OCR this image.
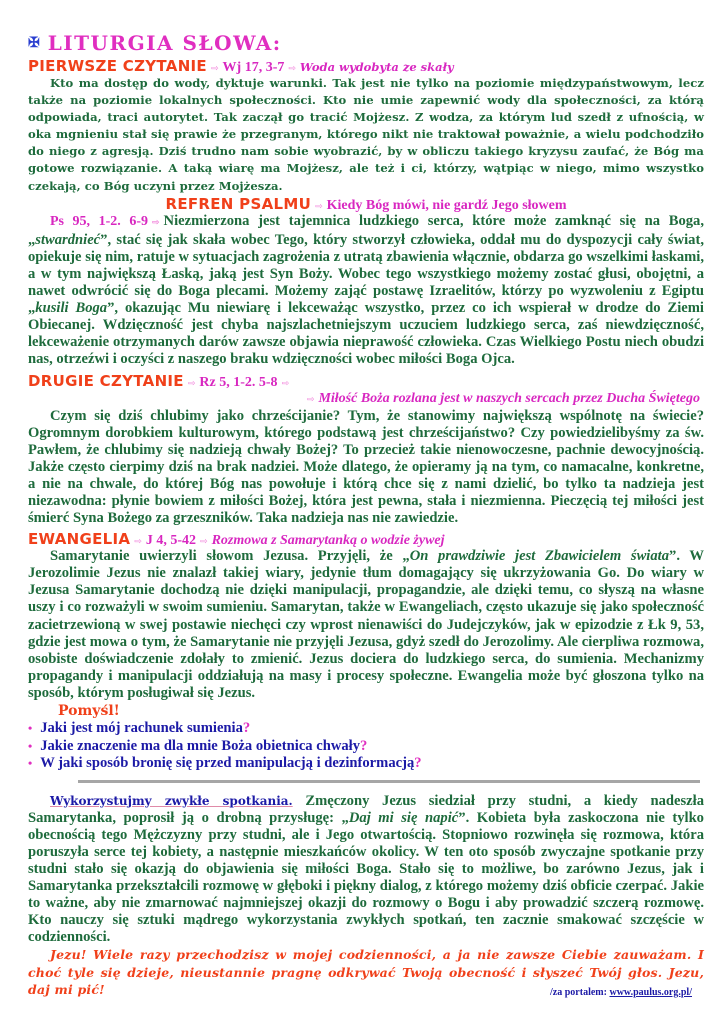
✠ LITURGIA SŁOWA:
PIERWSZE CZYTANIE ⇨ Wj 17, 3-7 ⇨ Woda wydobyta ze skały

Kto ma dostęp do wody, dyktuje warunki. Tak jest nie tylko na poziomie międzypaństwowym, lecz także na poziomie lokalnych społeczności. Kto nie umie zapewnić wody dla społeczności, za którą odpowiada, traci autorytet. Tak zaczął go tracić Mojżesz. Z wodza, za którym lud szedł z ufnością, w oka mgnieniu stał się prawie że przegranym, którego nikt nie traktował poważnie, a wielu podchodziło do niego z agresją. Dziś trudno nam sobie wyobrazić, by w obliczu takiego kryzysu zaufać, że Bóg ma gotowe rozwiązanie. A taką wiarę ma Mojżesz, ale też i ci, którzy, wątpiąc w niego, mimo wszystko czekają, co Bóg uczyni przez Mojżesza.

REFREN PSALMU ⇨ Kiedy Bóg mówi, nie gardź Jego słowem

Ps 95, 1-2. 6-9 ⇨ Niezmierzona jest tajemnica ludzkiego serca, które może zamknąć się na Boga, „stwardnieć”, stać się jak skała wobec Tego, który stworzył człowieka, oddał mu do dyspozycji cały świat, opiekuje się nim, ratuje w sytuacjach zagrożenia z utratą zbawienia włącznie, obdarza go wszelkimi łaskami, a w tym największą Łaską, jaką jest Syn Boży. Wobec tego wszystkiego możemy zostać głusi, obojętni, a nawet odwrócić się do Boga plecami. Możemy zająć postawę Izraelitów, którzy po wyzwoleniu z Egiptu „kusili Boga”, okazując Mu niewiarę i lekceważąc wszystko, przez co ich wspierał w drodze do Ziemi Obiecanej. Wdzięczność jest chyba najszlachetniejszym uczuciem ludzkiego serca, zaś niewdzięczność, lekceważenie otrzymanych darów zawsze objawia nieprawość człowieka. Czas Wielkiego Postu niech obudzi nas, otrzeźwi i oczyści z naszego braku wdzięczności wobec miłości Boga Ojca.

DRUGIE CZYTANIE ⇨ Rz 5, 1-2. 5-8 ⇨
⇨ Miłość Boża rozlana jest w naszych sercach przez Ducha Świętego

Czym się dziś chlubimy jako chrześcijanie? Tym, że stanowimy największą wspólnotę na świecie? Ogromnym dorobkiem kulturowym, którego podstawą jest chrześcijaństwo? Czy powiedzielibyśmy za św. Pawłem, że chlubimy się nadzieją chwały Bożej? To przecież takie nienowoczesne, pachnie dewocyjnością. Jakże często cierpimy dziś na brak nadziei. Może dlatego, że opieramy ją na tym, co namacalne, konkretne, a nie na chwale, do której Bóg nas powołuje i którą chce się z nami dzielić, bo tylko ta nadzieja jest niezawodna: płynie bowiem z miłości Bożej, która jest pewna, stała i niezmienna. Pieczęcią tej miłości jest śmierć Syna Bożego za grzeszników. Taka nadzieja nas nie zawiedzie.

EWANGELIA ⇨ J 4, 5-42 ⇨ Rozmowa z Samarytanką o wodzie żywej

Samarytanie uwierzyli słowom Jezusa. Przyjęli, że „On prawdziwie jest Zbawicielem świata”. W Jerozolimie Jezus nie znalazł takiej wiary, jedynie tłum domagający się ukrzyżowania Go. Do wiary w Jezusa Samarytanie dochodzą nie dzięki manipulacji, propagandzie, ale dzięki temu, co słyszą na własne uszy i co rozważyli w swoim sumieniu. Samarytan, także w Ewangeliach, często ukazuje się jako społeczność zacietrzewioną w swej postawie niechęci czy wprost nienawiści do Judejczyków, jak w epizodzie z Łk 9, 53, gdzie jest mowa o tym, że Samarytanie nie przyjęli Jezusa, gdyż szedł do Jerozolimy. Ale cierpliwa rozmowa, osobiste doświadczenie zdołały to zmienić. Jezus dociera do ludzkiego serca, do sumienia. Mechanizmy propagandy i manipulacji oddziałują na masy i procesy społeczne. Ewangelia może być głoszona tylko na sposób, którym posługiwał się Jezus.

Pomyśl!
• Jaki jest mój rachunek sumienia ?
• Jakie znaczenie ma dla mnie Boża obietnica chwały ?
• W jaki sposób bronię się przed manipulacją i dezinformacją ?

Wykorzystujmy zwykłe spotkania. Zmęczony Jezus siedział przy studni, a kiedy nadeszła Samarytanka, poprosił ją o drobną przysługę: „Daj mi się napić”. Kobieta była zaskoczona nie tylko obecnością tego Mężczyzny przy studni, ale i Jego otwartością. Stopniowo rozwinęła się rozmowa, która poruszyła serce tej kobiety, a następnie mieszkańców okolicy. W ten oto sposób zwyczajne spotkanie przy studni stało się okazją do objawienia się miłości Boga. Stało się to możliwe, bo zarówno Jezus, jak i Samarytanka przekształcili rozmowę w głęboki i piękny dialog, z którego możemy dziś obficie czerpać. Jakie to ważne, aby nie zmarnować najmniejszej okazji do rozmowy o Bogu i aby prowadzić szczerą rozmowę. Kto nauczy się sztuki mądrego wykorzystania zwykłych spotkań, ten zacznie smakować szczęście w codzienności.

Jezu! Wiele razy przechodzisz w mojej codzienności, a ja nie zawsze Ciebie zauważam. I choć tyle się dzieje, nieustannie pragnę odkrywać Twoją obecność i słyszeć Twój głos. Jezu, daj mi pić!	/za portalem: www.paulus.org.pl/
